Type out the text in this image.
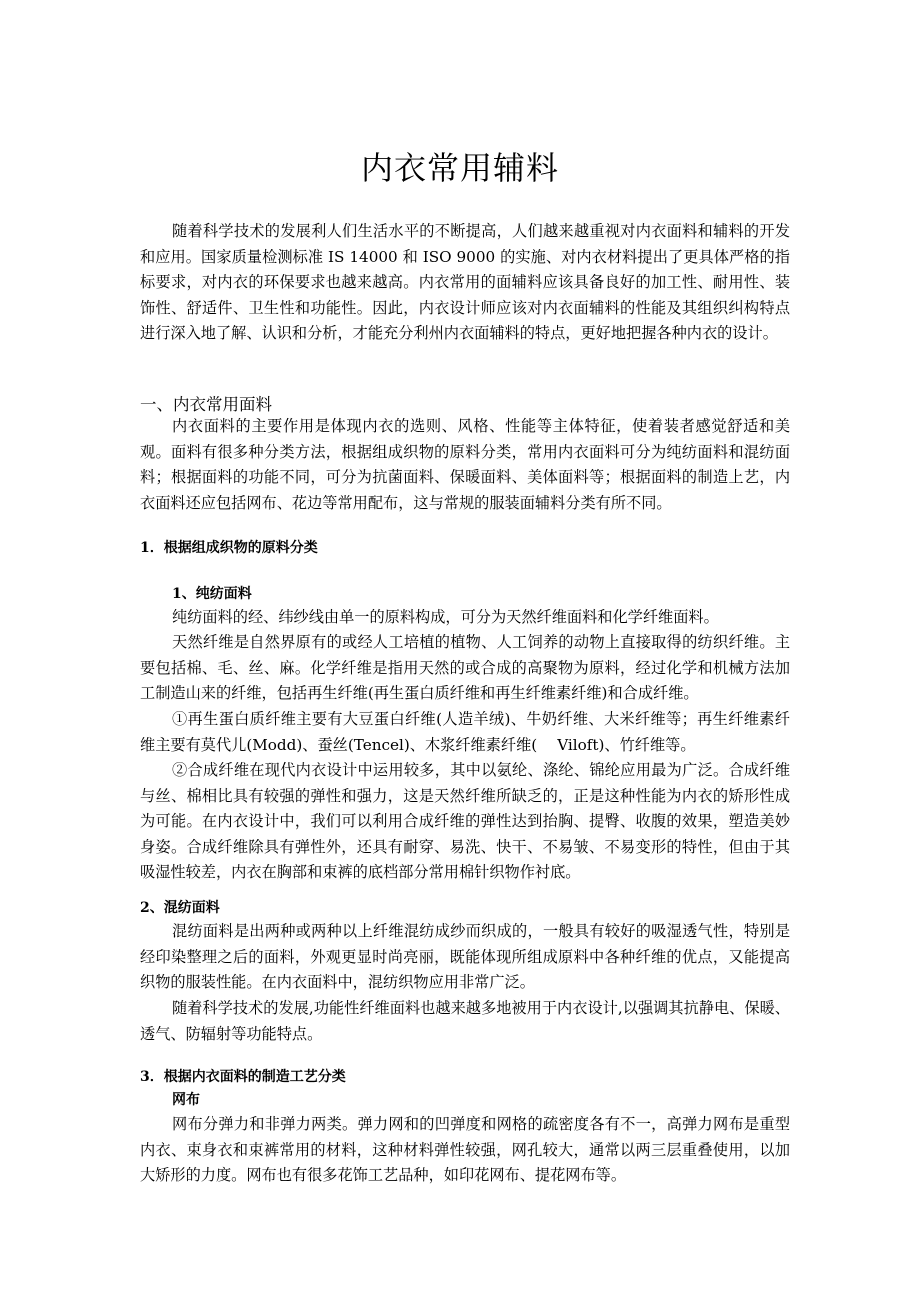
内衣常用辅料

随着科学技术的发展利人们生活水平的不断提高，人们越来越重视对内衣面料和辅料的开发和应用。国家质量检测标准 IS 14000 和 ISO 9000 的实施、对内衣材料提出了更具体严格的指标要求，对内衣的环保要求也越来越高。内衣常用的面辅料应该具备良好的加工性、耐用性、装饰性、舒适件、卫生性和功能性。因此，内衣设计师应该对内衣面辅料的性能及其组织纠构特点进行深入地了解、认识和分析，才能充分利州内衣面辅料的特点，更好地把握各种内衣的设计。

一、内衣常用面料

内衣面料的主要作用是体现内衣的选则、风格、性能等主体特征，使着装者感觉舒适和美观。面料有很多种分类方法，根据组成织物的原料分类，常用内衣面料可分为纯纺面料和混纺面料；根据面料的功能不同，可分为抗菌面料、保暖面料、美体面料等；根据面料的制造上艺，内衣面料还应包括网布、花边等常用配布，这与常规的服装面辅料分类有所不同。

1．根据组成织物的原料分类
1、纯纺面料

纯纺面料的经、纬纱线由单一的原料构成，可分为天然纤维面料和化学纤维面料。

天然纤维是自然界原有的或经人工培植的植物、人工饲养的动物上直接取得的纺织纤维。主要包括棉、毛、丝、麻。化学纤维是指用天然的或合成的高聚物为原料，经过化学和机械方法加工制造山来的纤维，包括再生纤维(再生蛋白质纤维和再生纤维素纤维)和合成纤维。

①再生蛋白质纤维主要有大豆蛋白纤维(人造羊绒)、牛奶纤维、大米纤维等；再生纤维素纤维主要有莫代儿(Modd)、蚕丝(Tencel)、木浆纤维素纤维(　 Viloft)、竹纤维等。

②合成纤维在现代内衣设计中运用较多，其中以氨纶、涤纶、锦纶应用最为广泛。合成纤维与丝、棉相比具有较强的弹性和强力，这是天然纤维所缺乏的，正是这种性能为内衣的矫形性成为可能。在内衣设计中，我们可以利用合成纤维的弹性达到抬胸、提臀、收腹的效果，塑造美妙身姿。合成纤维除具有弹性外，还具有耐穿、易洗、快干、不易皱、不易变形的特性，但由于其吸湿性较差，内衣在胸部和束裤的底档部分常用棉针织物作衬底。

2、混纺面料

混纺面料是出两种或两种以上纤维混纺成纱而织成的，一般具有较好的吸湿透气性，特别是经印染整理之后的面料，外观更显时尚亮丽，既能体现所组成原料中各种纤维的优点，又能提高织物的服装性能。在内衣面料中，混纺织物应用非常广泛。

随着科学技术的发展,功能性纤维面料也越来越多地被用于内衣设计,以强调其抗静电、保暖、透气、防辐射等功能特点。

3．根据内衣面料的制造工艺分类
网布

网布分弹力和非弹力两类。弹力网和的凹弹度和网格的疏密度各有不一，高弹力网布是重型内衣、束身衣和束裤常用的材料，这种材料弹性较强，网孔较大，通常以两三层重叠使用，以加大矫形的力度。网布也有很多花饰工艺品种，如印花网布、提花网布等。
